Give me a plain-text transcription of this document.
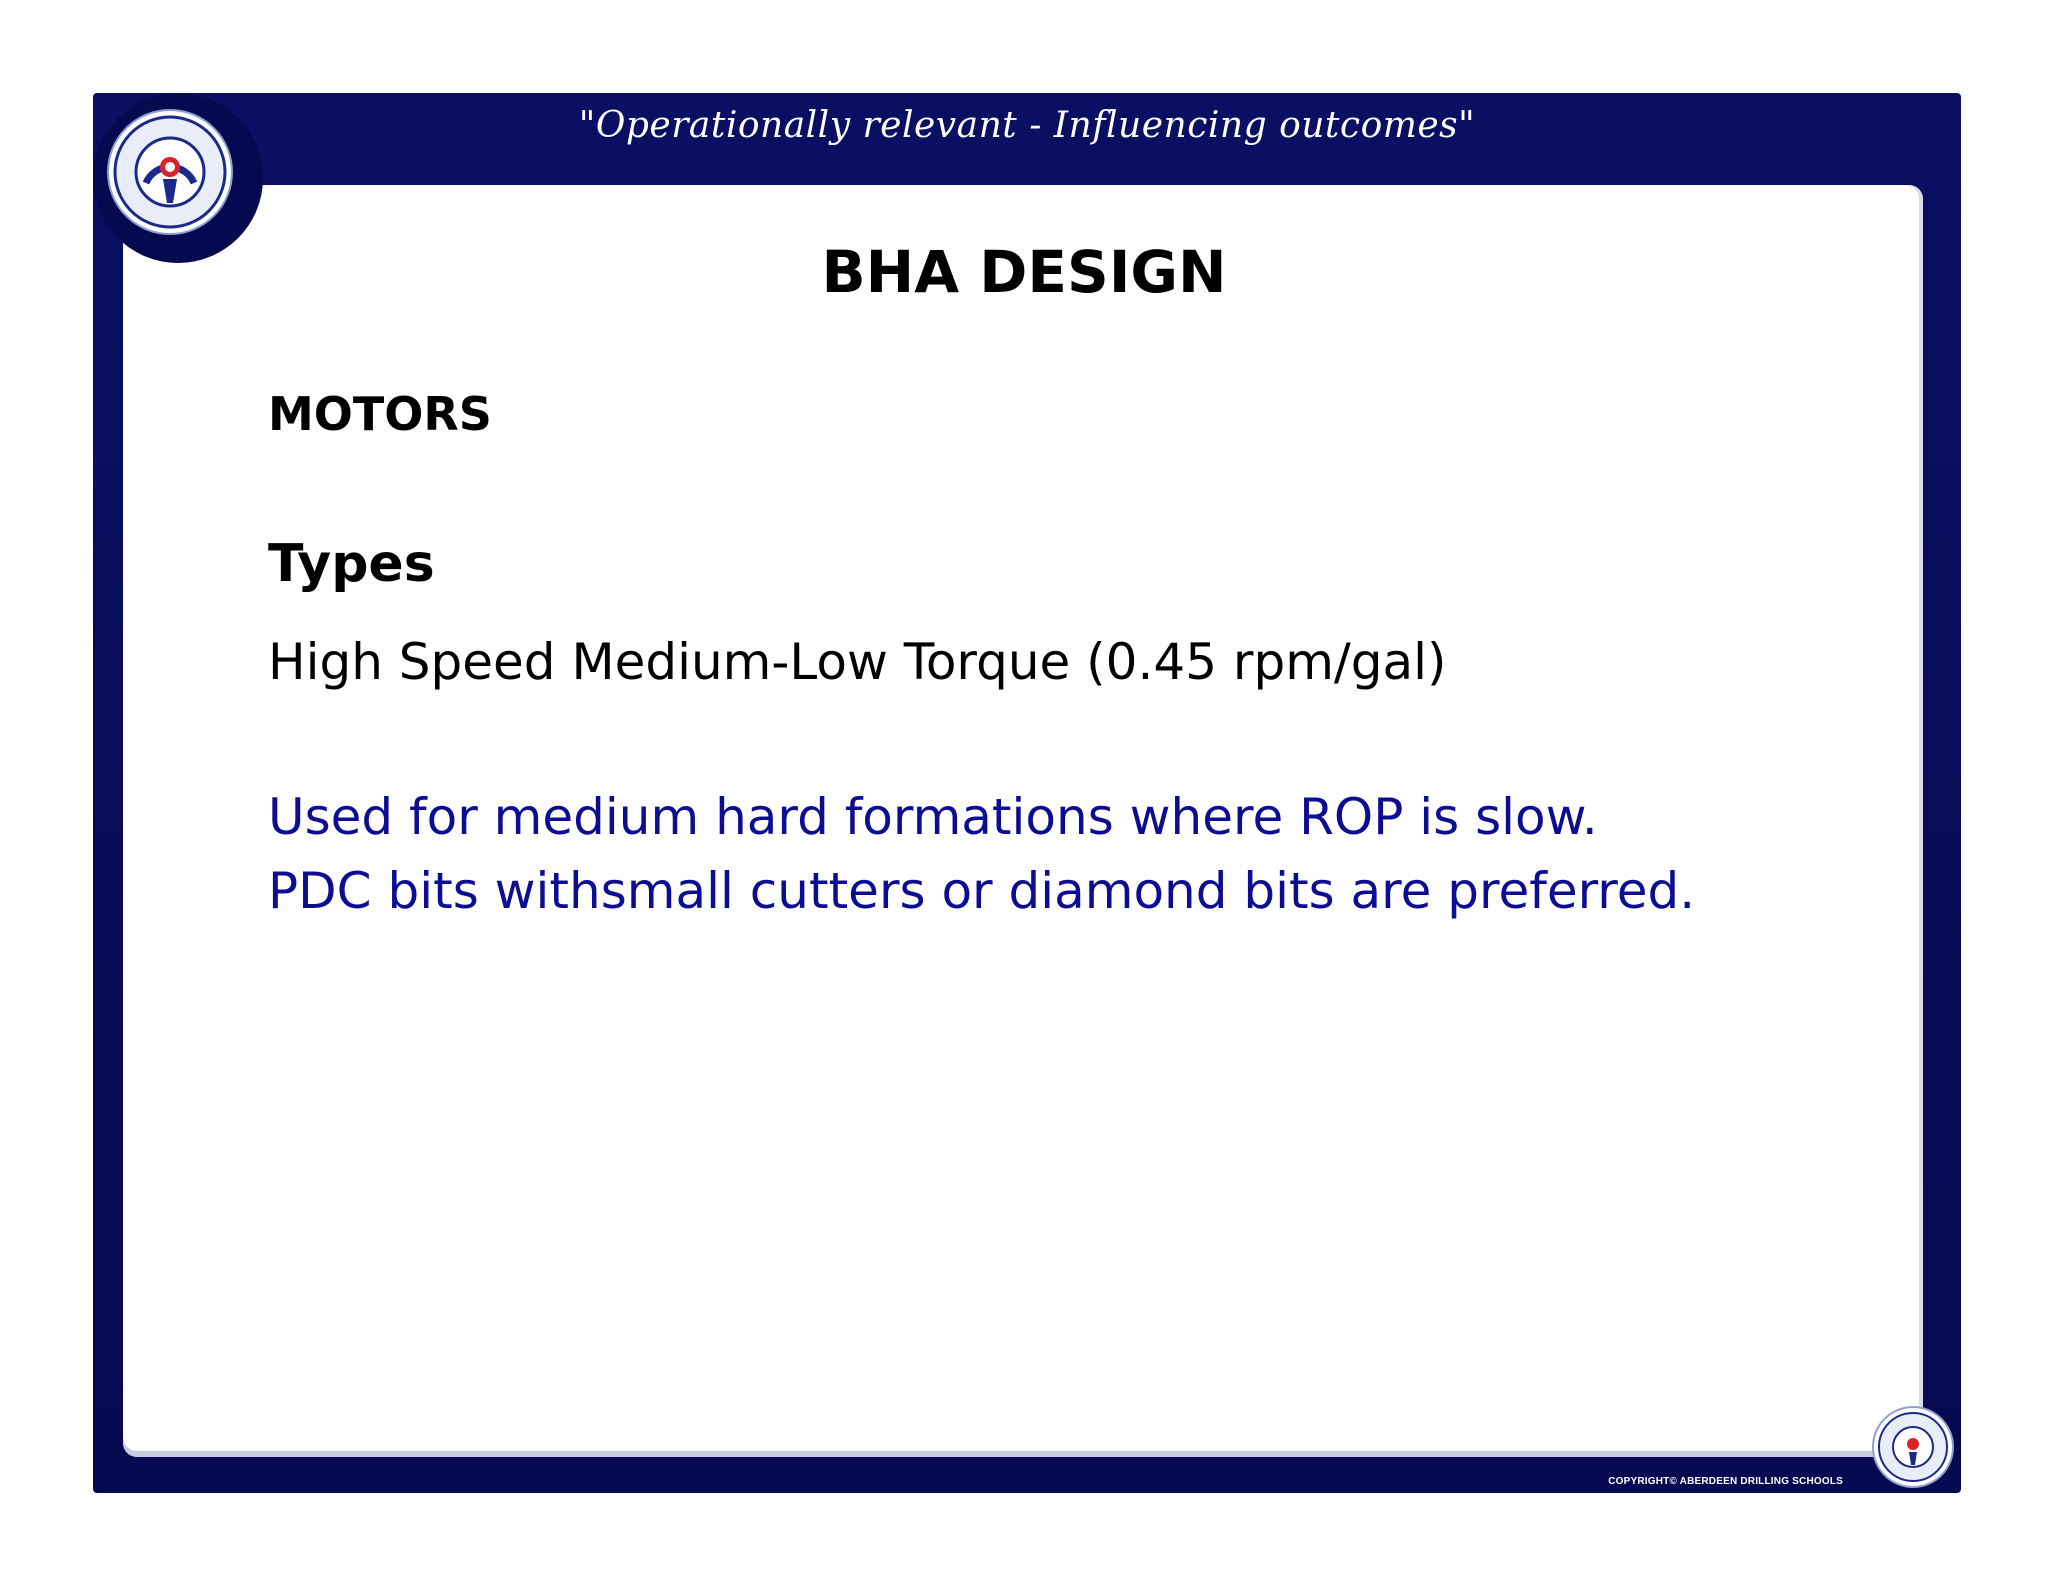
"Operationally relevant - Influencing outcomes"
COPYRIGHT© ABERDEEN DRILLING SCHOOLS
BHA DESIGN
MOTORS
Types

High Speed Medium-Low Torque (0.45 rpm/gal)

Used for medium hard formations where ROP is slow.
PDC bits withsmall cutters or diamond bits are preferred.
